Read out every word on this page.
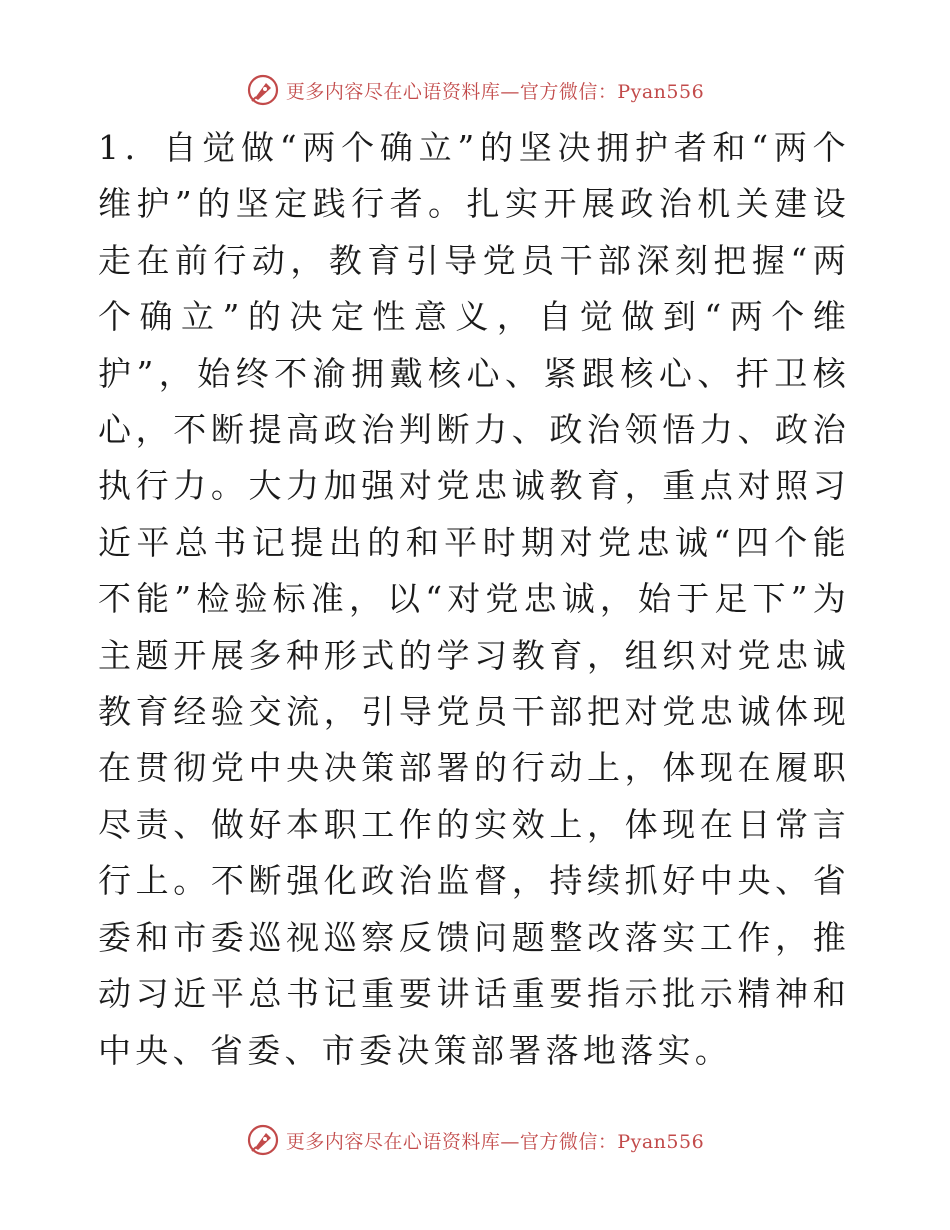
更多内容尽在心语资料库—官方微信：Pyan556

1．自觉做“两个确立”的坚决拥护者和“两个维护”的坚定践行者。扎实开展政治机关建设走在前行动，教育引导党员干部深刻把握“两个确立”的决定性意义，自觉做到“两个维护”，始终不渝拥戴核心、紧跟核心、扞卫核心，不断提高政治判断力、政治领悟力、政治执行力。大力加强对党忠诚教育，重点对照习近平总书记提出的和平时期对党忠诚“四个能不能”检验标准，以“对党忠诚，始于足下”为主题开展多种形式的学习教育，组织对党忠诚教育经验交流，引导党员干部把对党忠诚体现在贯彻党中央决策部署的行动上，体现在履职尽责、做好本职工作的实效上，体现在日常言行上。不断强化政治监督，持续抓好中央、省委和市委巡视巡察反馈问题整改落实工作，推动习近平总书记重要讲话重要指示批示精神和中央、省委、市委决策部署落地落实。

更多内容尽在心语资料库—官方微信：Pyan556
